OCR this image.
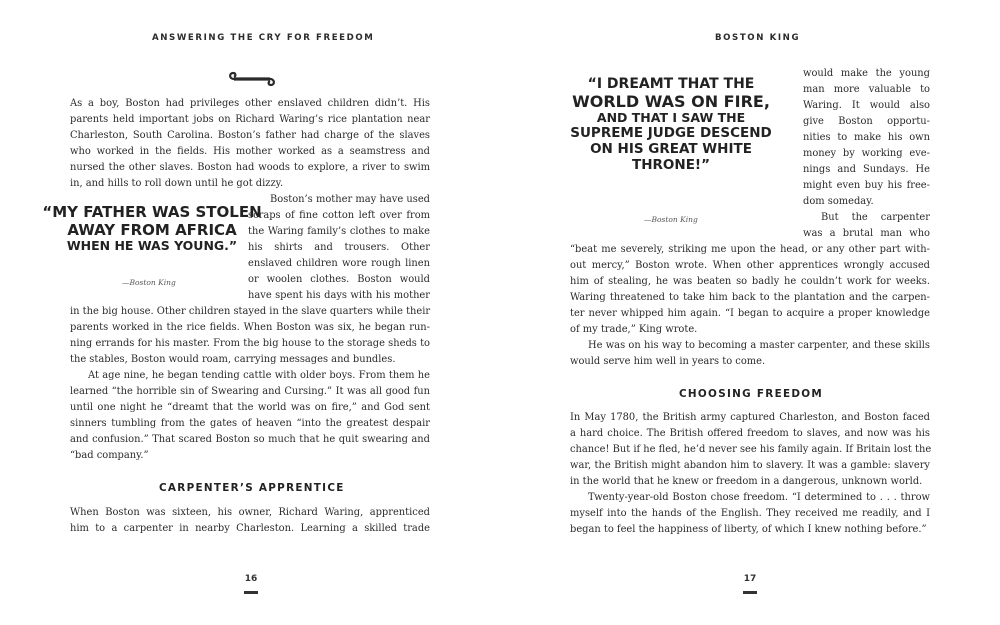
ANSWERING THE CRY FOR FREEDOM
As a boy, Boston had privileges other enslaved children didn’t. His
parents held important jobs on Richard Waring’s rice plantation near
Charleston, South Carolina. Boston’s father had charge of the slaves
who worked in the fields. His mother worked as a seamstress and
nursed the other slaves. Boston had woods to explore, a river to swim
in, and hills to roll down until he got dizzy.
“MY FATHER WAS STOLEN
AWAY FROM AFRICA
WHEN HE WAS YOUNG.”
—Boston King
Boston’s mother may have used
scraps of fine cotton left over from
the Waring family’s clothes to make
his shirts and trousers. Other
enslaved children wore rough linen
or woolen clothes. Boston would
have spent his days with his mother
in the big house. Other children stayed in the slave quarters while their
parents worked in the rice fields. When Boston was six, he began run-
ning errands for his master. From the big house to the storage sheds to
the stables, Boston would roam, carrying messages and bundles.
At age nine, he began tending cattle with older boys. From them he
learned “the horrible sin of Swearing and Cursing.” It was all good fun
until one night he “dreamt that the world was on fire,” and God sent
sinners tumbling from the gates of heaven “into the greatest despair
and confusion.” That scared Boston so much that he quit swearing and
“bad company.”
CARPENTER’S APPRENTICE
When Boston was sixteen, his owner, Richard Waring, apprenticed
him to a carpenter in nearby Charleston. Learning a skilled trade
16
BOSTON KING
“I DREAMT THAT THE
WORLD WAS ON FIRE,
AND THAT I SAW THE
SUPREME JUDGE DESCEND
ON HIS GREAT WHITE
THRONE!”
—Boston King
would make the young
man more valuable to
Waring. It would also
give Boston opportu-
nities to make his own
money by working eve-
nings and Sundays. He
might even buy his free-
dom someday.
But the carpenter
was a brutal man who
“beat me severely, striking me upon the head, or any other part with-
out mercy,” Boston wrote. When other apprentices wrongly accused
him of stealing, he was beaten so badly he couldn’t work for weeks.
Waring threatened to take him back to the plantation and the carpen-
ter never whipped him again. “I began to acquire a proper knowledge
of my trade,” King wrote.
He was on his way to becoming a master carpenter, and these skills
would serve him well in years to come.
CHOOSING FREEDOM
In May 1780, the British army captured Charleston, and Boston faced
a hard choice. The British offered freedom to slaves, and now was his
chance! But if he fled, he’d never see his family again. If Britain lost the
war, the British might abandon him to slavery. It was a gamble: slavery
in the world that he knew or freedom in a dangerous, unknown world.
Twenty-year-old Boston chose freedom. “I determined to . . . throw
myself into the hands of the English. They received me readily, and I
began to feel the happiness of liberty, of which I knew nothing before.”
17
